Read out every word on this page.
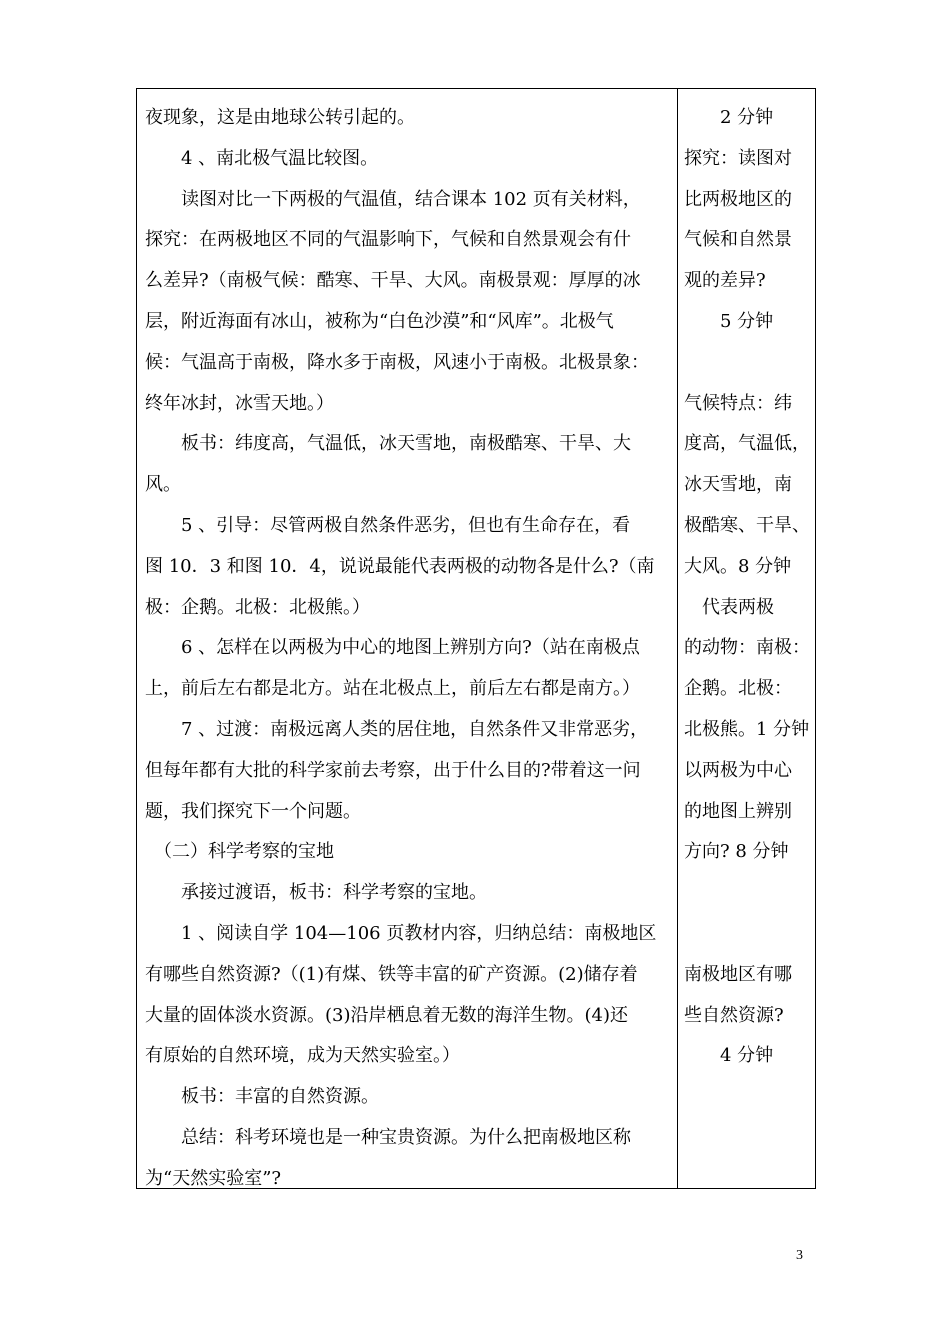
夜现象，这是由地球公转引起的。
　　4 、南北极气温比较图。
　　读图对比一下两极的气温值，结合课本 102 页有关材料，
探究：在两极地区不同的气温影响下，气候和自然景观会有什
么差异?（南极气候：酷寒、干旱、大风。南极景观：厚厚的冰
层，附近海面有冰山，被称为“白色沙漠”和“风库”。北极气
候：气温高于南极，降水多于南极，风速小于南极。北极景象：
终年冰封，冰雪天地。）
　　板书：纬度高，气温低，冰天雪地，南极酷寒、干旱、大
风。
　　5 、引导：尽管两极自然条件恶劣，但也有生命存在，看
图 10．3 和图 10．4，说说最能代表两极的动物各是什么?（南
极：企鹅。北极：北极熊。）
　　6 、怎样在以两极为中心的地图上辨别方向?（站在南极点
上，前后左右都是北方。站在北极点上，前后左右都是南方。）
　　7 、过渡：南极远离人类的居住地，自然条件又非常恶劣，
但每年都有大批的科学家前去考察，出于什么目的?带着这一问
题，我们探究下一个问题。
　（二）科学考察的宝地
　　承接过渡语，板书：科学考察的宝地。
　　1 、阅读自学 104—106 页教材内容，归纳总结：南极地区
有哪些自然资源?（(1)有煤、铁等丰富的矿产资源。(2)储存着
大量的固体淡水资源。(3)沿岸栖息着无数的海洋生物。(4)还
有原始的自然环境，成为天然实验室。）
　　板书：丰富的自然资源。
　　总结：科考环境也是一种宝贵资源。为什么把南极地区称
为“天然实验室”?
　　2 分钟
探究：读图对
比两极地区的
气候和自然景
观的差异?
　　5 分钟
气候特点：纬
度高，气温低，
冰天雪地，南
极酷寒、干旱、
大风。8 分钟
　代表两极
的动物：南极：
企鹅。北极：
北极熊。1 分钟
以两极为中心
的地图上辨别
方向? 8 分钟
南极地区有哪
些自然资源?
　　4 分钟
3
